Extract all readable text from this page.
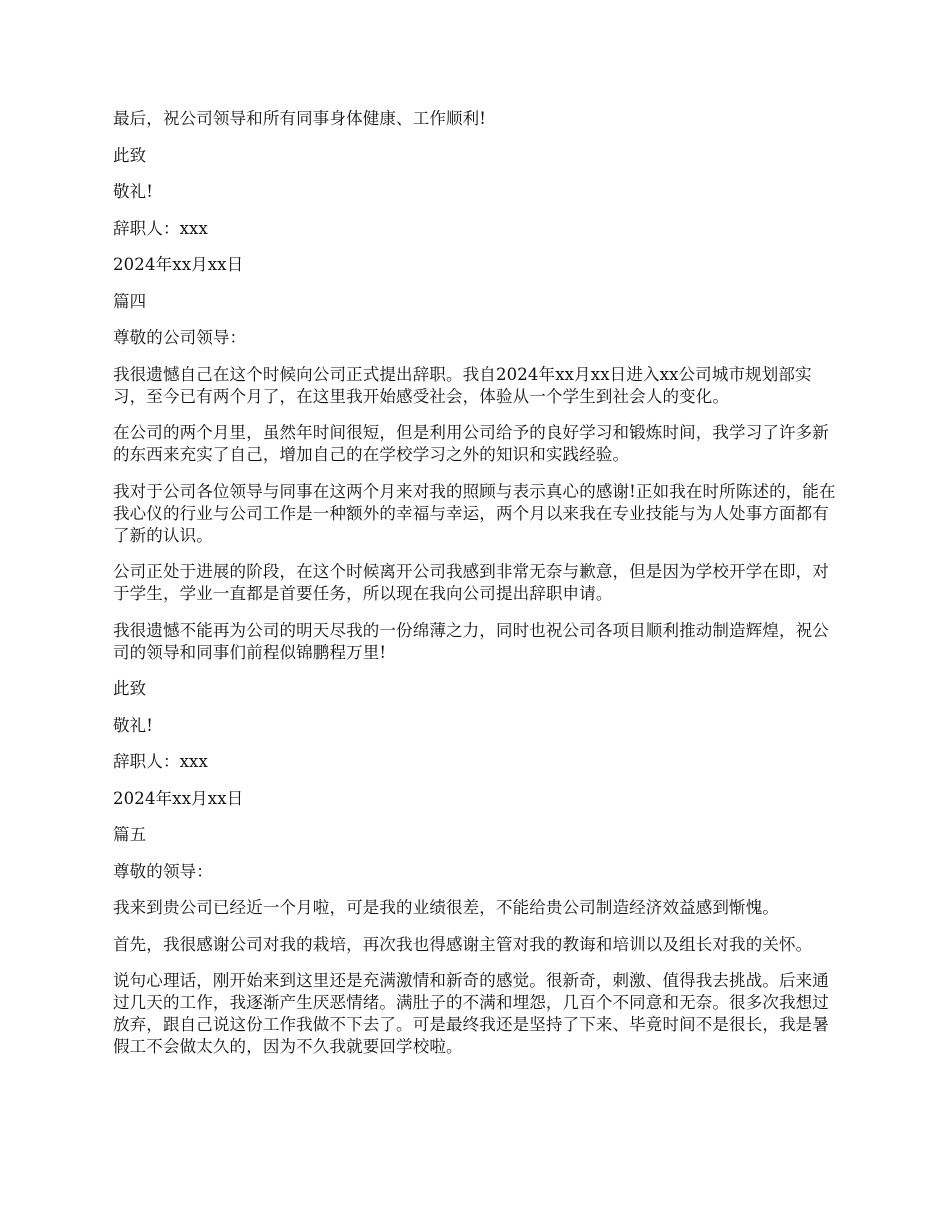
最后，祝公司领导和所有同事身体健康、工作顺利!

此致

敬礼!

辞职人：xxx

2024年xx月xx日

篇四

尊敬的公司领导：

我很遗憾自己在这个时候向公司正式提出辞职。我自2024年xx月xx日进入xx公司城市规划部实习，至今已有两个月了，在这里我开始感受社会，体验从一个学生到社会人的变化。

在公司的两个月里，虽然年时间很短，但是利用公司给予的良好学习和锻炼时间，我学习了许多新的东西来充实了自己，增加自己的在学校学习之外的知识和实践经验。

我对于公司各位领导与同事在这两个月来对我的照顾与表示真心的感谢!正如我在时所陈述的，能在我心仪的行业与公司工作是一种额外的幸福与幸运，两个月以来我在专业技能与为人处事方面都有了新的认识。

公司正处于进展的阶段，在这个时候离开公司我感到非常无奈与歉意，但是因为学校开学在即，对于学生，学业一直都是首要任务，所以现在我向公司提出辞职申请。

我很遗憾不能再为公司的明天尽我的一份绵薄之力，同时也祝公司各项目顺利推动制造辉煌，祝公司的领导和同事们前程似锦鹏程万里!

此致

敬礼!

辞职人：xxx

2024年xx月xx日

篇五

尊敬的领导：

我来到贵公司已经近一个月啦，可是我的业绩很差，不能给贵公司制造经济效益感到惭愧。

首先，我很感谢公司对我的栽培，再次我也得感谢主管对我的教诲和培训以及组长对我的关怀。

说句心理话，刚开始来到这里还是充满激情和新奇的感觉。很新奇，刺激、值得我去挑战。后来通过几天的工作，我逐渐产生厌恶情绪。满肚子的不满和埋怨，几百个不同意和无奈。很多次我想过放弃，跟自己说这份工作我做不下去了。可是最终我还是坚持了下来、毕竟时间不是很长，我是暑假工不会做太久的，因为不久我就要回学校啦。
